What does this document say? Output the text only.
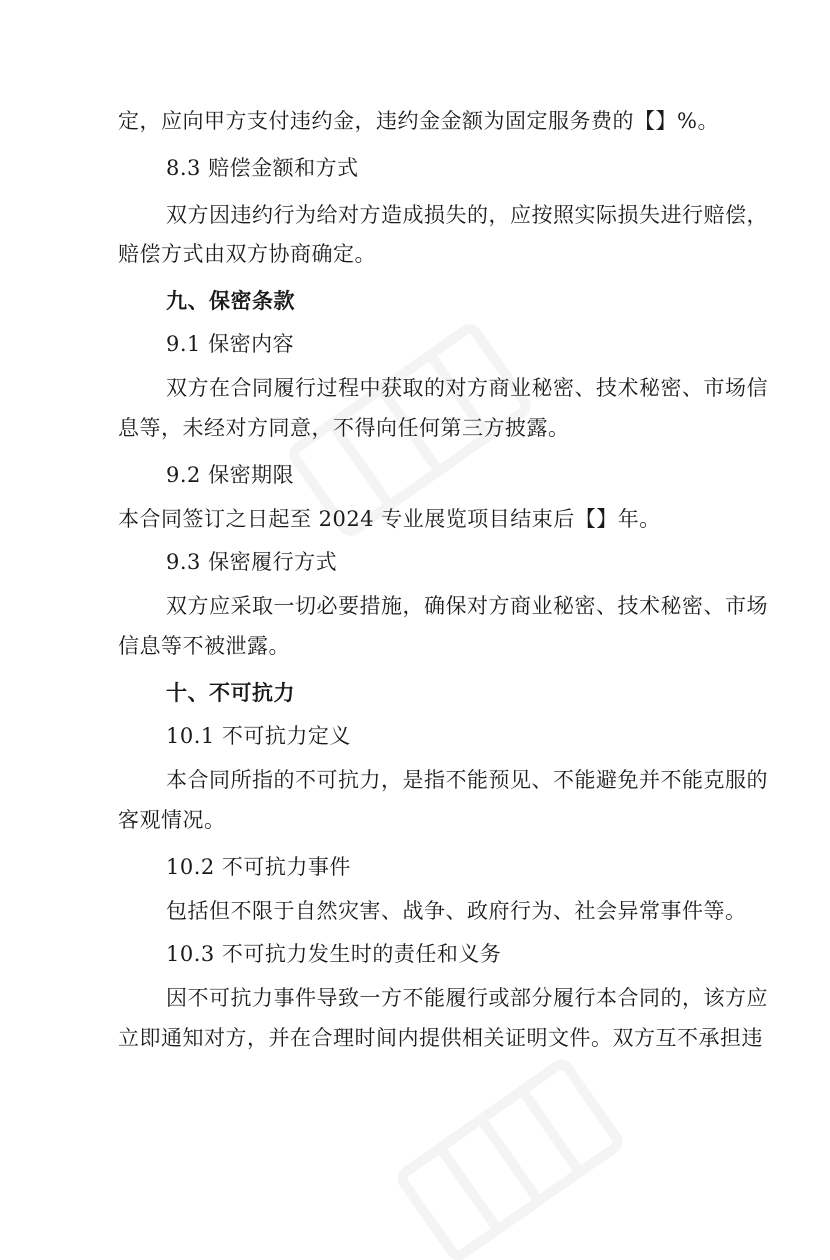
定，应向甲方支付违约金，违约金金额为固定服务费的【】%。
8.3 赔偿金额和方式
双方因违约行为给对方造成损失的，应按照实际损失进行赔偿，
赔偿方式由双方协商确定。
九、保密条款
9.1 保密内容
双方在合同履行过程中获取的对方商业秘密、技术秘密、市场信
息等，未经对方同意，不得向任何第三方披露。
9.2 保密期限
本合同签订之日起至 2024 专业展览项目结束后【】年。
9.3 保密履行方式
双方应采取一切必要措施，确保对方商业秘密、技术秘密、市场
信息等不被泄露。
十、不可抗力
10.1 不可抗力定义
本合同所指的不可抗力，是指不能预见、不能避免并不能克服的
客观情况。
10.2 不可抗力事件
包括但不限于自然灾害、战争、政府行为、社会异常事件等。
10.3 不可抗力发生时的责任和义务
因不可抗力事件导致一方不能履行或部分履行本合同的，该方应
立即通知对方，并在合理时间内提供相关证明文件。双方互不承担违
